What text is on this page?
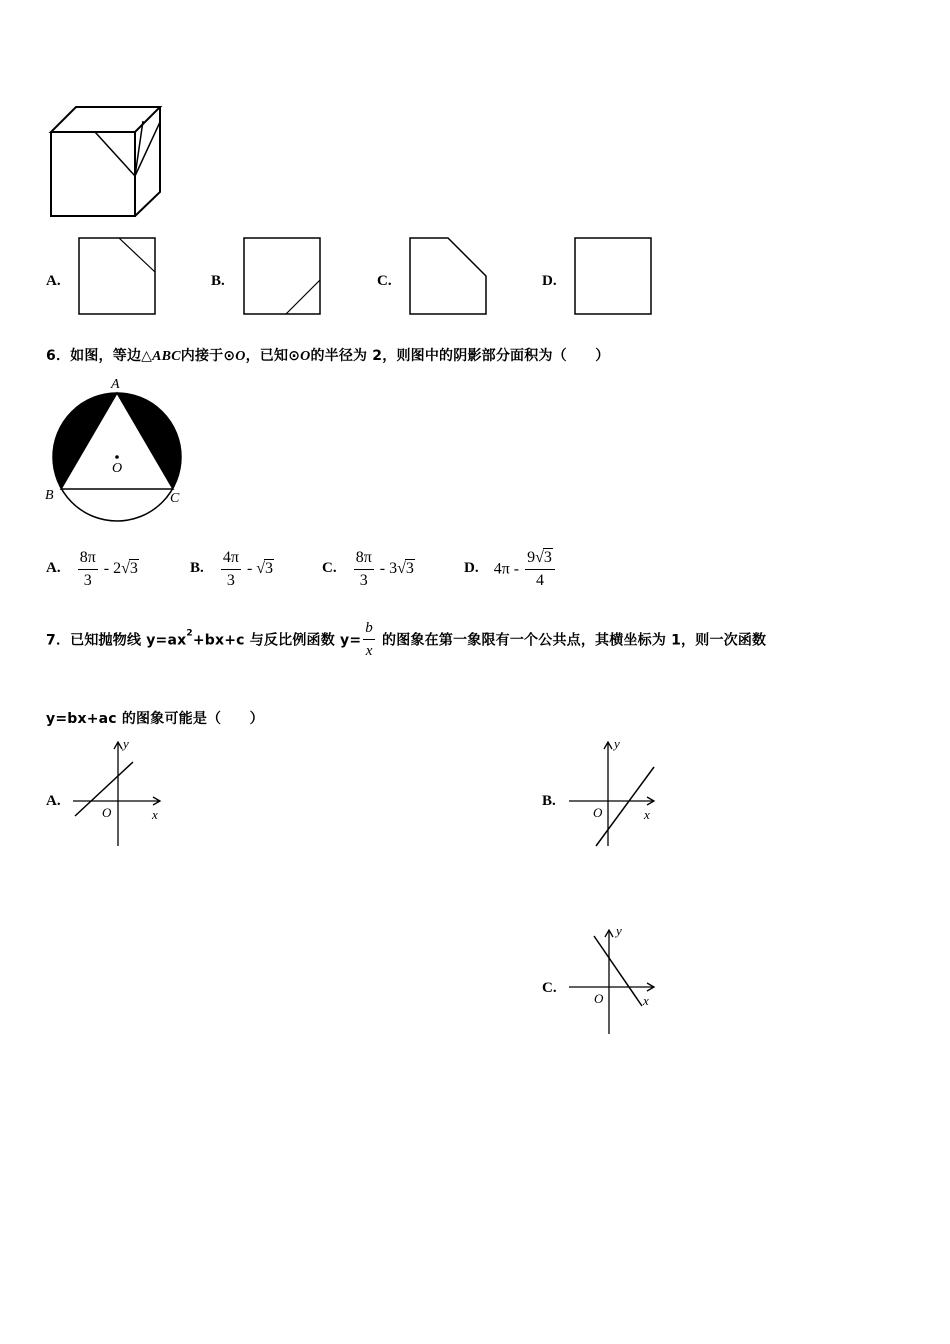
A.	B.	C.	D.
6．如图，等边△ABC内接于⊙O，已知⊙O的半径为 2，则图中的阴影部分面积为（　　）
A
B	C
O
A. $\frac{8\pi}{3} - 2√3$	B. $\frac{4\pi}{3} - √3$	C. $\frac{8\pi}{3} - 3√3$	D. $4\pi - \frac{9√3}{4}$
7．已知抛物线 $y=ax^2+bx+c$ 与反比例函数 $y= \frac{b}{x}$ 的图象在第一象限有一个公共点，其横坐标为 1，则一次函数
y=bx+ac 的图象可能是（　　）
A.
y
x
O
B.
y
x
O
C.
y
x
O
